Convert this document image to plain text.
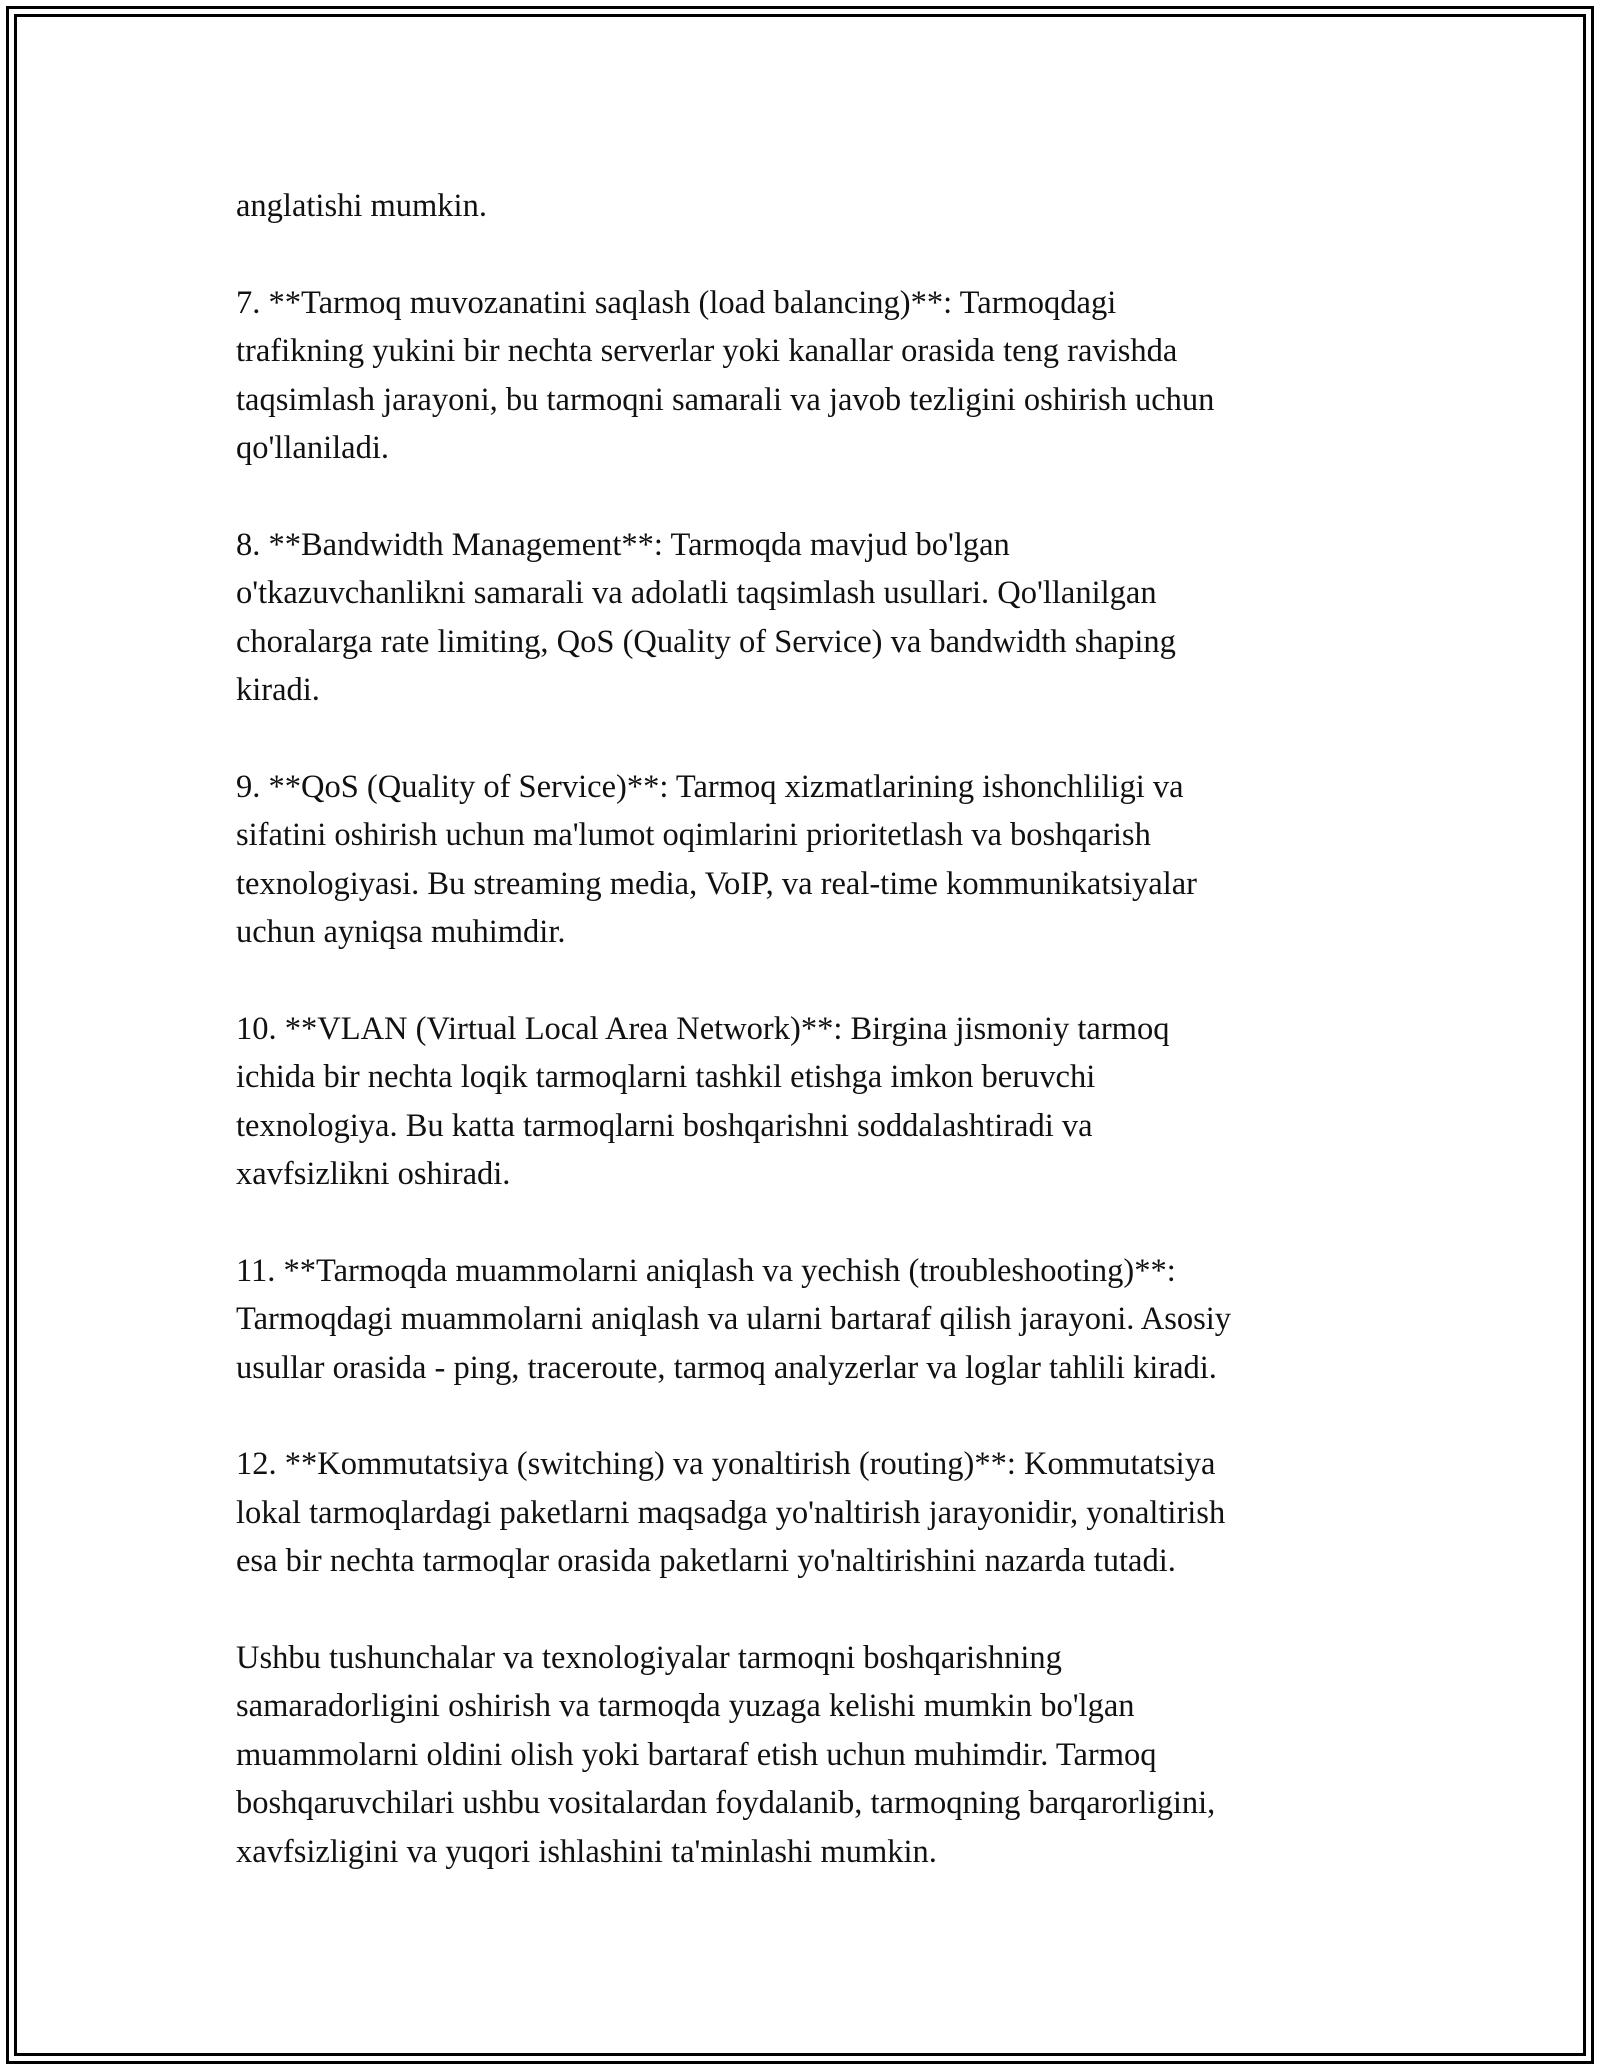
anglatishi mumkin.

7. **Tarmoq muvozanatini saqlash (load balancing)**: Tarmoqdagi
trafikning yukini bir nechta serverlar yoki kanallar orasida teng ravishda
taqsimlash jarayoni, bu tarmoqni samarali va javob tezligini oshirish uchun
qo'llaniladi.

8. **Bandwidth Management**: Tarmoqda mavjud bo'lgan
o'tkazuvchanlikni samarali va adolatli taqsimlash usullari. Qo'llanilgan
choralarga rate limiting, QoS (Quality of Service) va bandwidth shaping
kiradi.

9. **QoS (Quality of Service)**: Tarmoq xizmatlarining ishonchliligi va
sifatini oshirish uchun ma'lumot oqimlarini prioritetlash va boshqarish
texnologiyasi. Bu streaming media, VoIP, va real-time kommunikatsiyalar
uchun ayniqsa muhimdir.

10. **VLAN (Virtual Local Area Network)**: Birgina jismoniy tarmoq
ichida bir nechta loqik tarmoqlarni tashkil etishga imkon beruvchi
texnologiya. Bu katta tarmoqlarni boshqarishni soddalashtiradi va
xavfsizlikni oshiradi.

11. **Tarmoqda muammolarni aniqlash va yechish (troubleshooting)**:
Tarmoqdagi muammolarni aniqlash va ularni bartaraf qilish jarayoni. Asosiy
usullar orasida - ping, traceroute, tarmoq analyzerlar va loglar tahlili kiradi.

12. **Kommutatsiya (switching) va yonaltirish (routing)**: Kommutatsiya
lokal tarmoqlardagi paketlarni maqsadga yo'naltirish jarayonidir, yonaltirish
esa bir nechta tarmoqlar orasida paketlarni yo'naltirishini nazarda tutadi.

Ushbu tushunchalar va texnologiyalar tarmoqni boshqarishning
samaradorligini oshirish va tarmoqda yuzaga kelishi mumkin bo'lgan
muammolarni oldini olish yoki bartaraf etish uchun muhimdir. Tarmoq
boshqaruvchilari ushbu vositalardan foydalanib, tarmoqning barqarorligini,
xavfsizligini va yuqori ishlashini ta'minlashi mumkin.
